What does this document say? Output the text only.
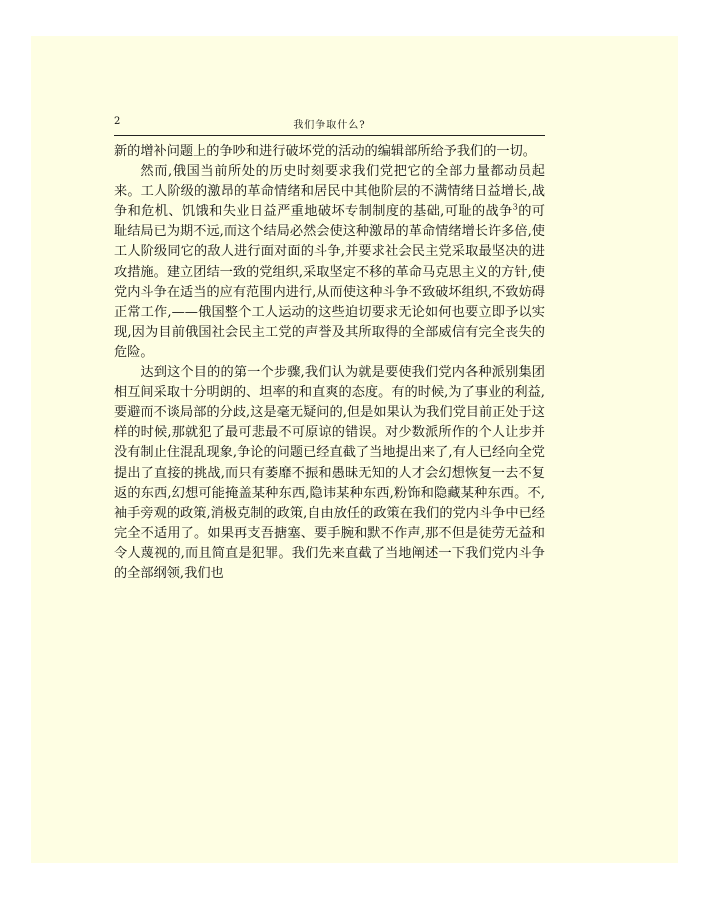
2	我们争取什么?

新的增补问题上的争吵和进行破坏党的活动的编辑部所给予我们的一切。

然而,俄国当前所处的历史时刻要求我们党把它的全部力量都动员起来。工人阶级的激昂的革命情绪和居民中其他阶层的不满情绪日益增长,战争和危机、饥饿和失业日益严重地破坏专制制度的基础,可耻的战争$^3$的可耻结局已为期不远,而这个结局必然会使这种激昂的革命情绪增长许多倍,使工人阶级同它的敌人进行面对面的斗争,并要求社会民主党采取最坚决的进攻措施。建立团结一致的党组织,采取坚定不移的革命马克思主义的方针,使党内斗争在适当的应有范围内进行,从而使这种斗争不致破坏组织,不致妨碍正常工作,——俄国整个工人运动的这些迫切要求无论如何也要立即予以实现,因为目前俄国社会民主工党的声誉及其所取得的全部威信有完全丧失的危险。

达到这个目的的第一个步骤,我们认为就是要使我们党内各种派别集团相互间采取十分明朗的、坦率的和直爽的态度。有的时候,为了事业的利益,要避而不谈局部的分歧,这是毫无疑问的,但是如果认为我们党目前正处于这样的时候,那就犯了最可悲最不可原谅的错误。对少数派所作的个人让步并没有制止住混乱现象,争论的问题已经直截了当地提出来了,有人已经向全党提出了直接的挑战,而只有萎靡不振和愚昧无知的人才会幻想恢复一去不复返的东西,幻想可能掩盖某种东西,隐讳某种东西,粉饰和隐藏某种东西。不,袖手旁观的政策,消极克制的政策,自由放任的政策在我们的党内斗争中已经完全不适用了。如果再支吾搪塞、要手腕和默不作声,那不但是徒劳无益和令人蔑视的,而且简直是犯罪。我们先来直截了当地阐述一下我们党内斗争的全部纲领,我们也
